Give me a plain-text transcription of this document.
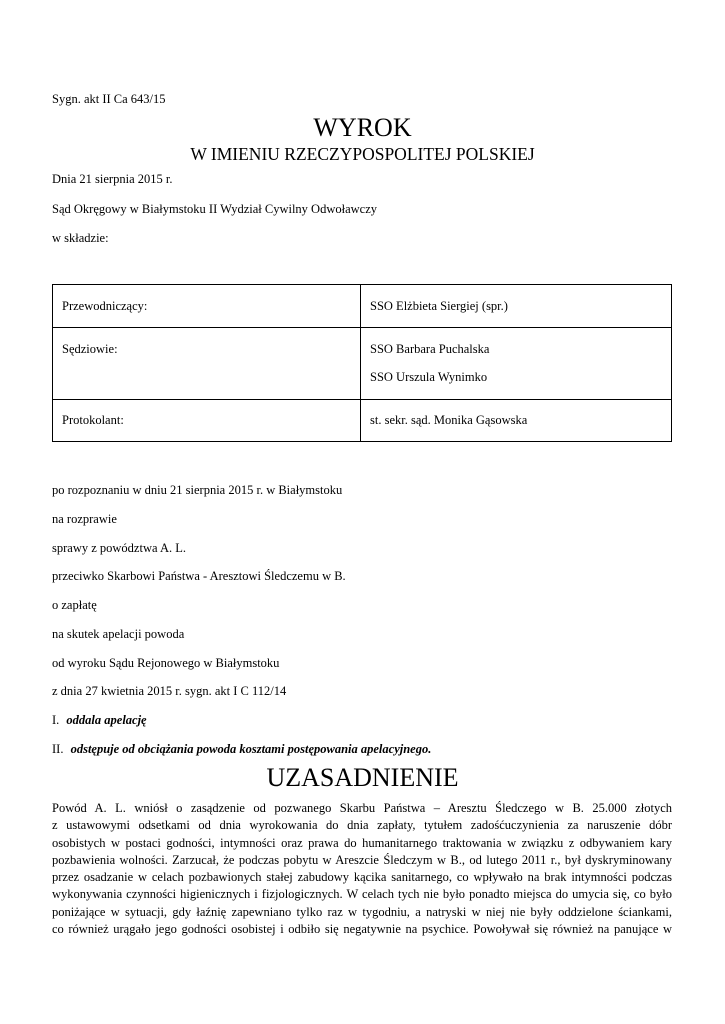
Sygn. akt II Ca 643/15
WYROK
W IMIENIU RZECZYPOSPOLITEJ POLSKIEJ
Dnia 21 sierpnia 2015 r.
Sąd Okręgowy w Białymstoku II Wydział Cywilny Odwoławczy
w składzie:
Przewodniczący:	SSO Elżbieta Siergiej (spr.)
Sędziowie:	SSO Barbara Puchalska
SSO Urszula Wynimko
Protokolant:	st. sekr. sąd. Monika Gąsowska
po rozpoznaniu w dniu 21 sierpnia 2015 r. w Białymstoku
na rozprawie
sprawy z powództwa A. L.
przeciwko Skarbowi Państwa - Aresztowi Śledczemu w B.
o zapłatę
na skutek apelacji powoda
od wyroku Sądu Rejonowego w Białymstoku
z dnia 27 kwietnia 2015 r. sygn. akt I C 112/14
I. oddala apelację
II. odstępuje od obciążania powoda kosztami postępowania apelacyjnego.
UZASADNIENIE
Powód A. L. wniósł o zasądzenie od pozwanego Skarbu Państwa – Aresztu Śledczego w B. 25.000 złotych
z ustawowymi odsetkami od dnia wyrokowania do dnia zapłaty, tytułem zadośćuczynienia za naruszenie dóbr
osobistych w postaci godności, intymności oraz prawa do humanitarnego traktowania w związku z odbywaniem kary
pozbawienia wolności. Zarzucał, że podczas pobytu w Areszcie Śledczym w B., od lutego 2011 r., był dyskryminowany
przez osadzanie w celach pozbawionych stałej zabudowy kącika sanitarnego, co wpływało na brak intymności podczas
wykonywania czynności higienicznych i fizjologicznych. W celach tych nie było ponadto miejsca do umycia się, co było
poniżające w sytuacji, gdy łaźnię zapewniano tylko raz w tygodniu, a natryski w niej nie były oddzielone ściankami,
co również urągało jego godności osobistej i odbiło się negatywnie na psychice. Powoływał się również na panujące w
